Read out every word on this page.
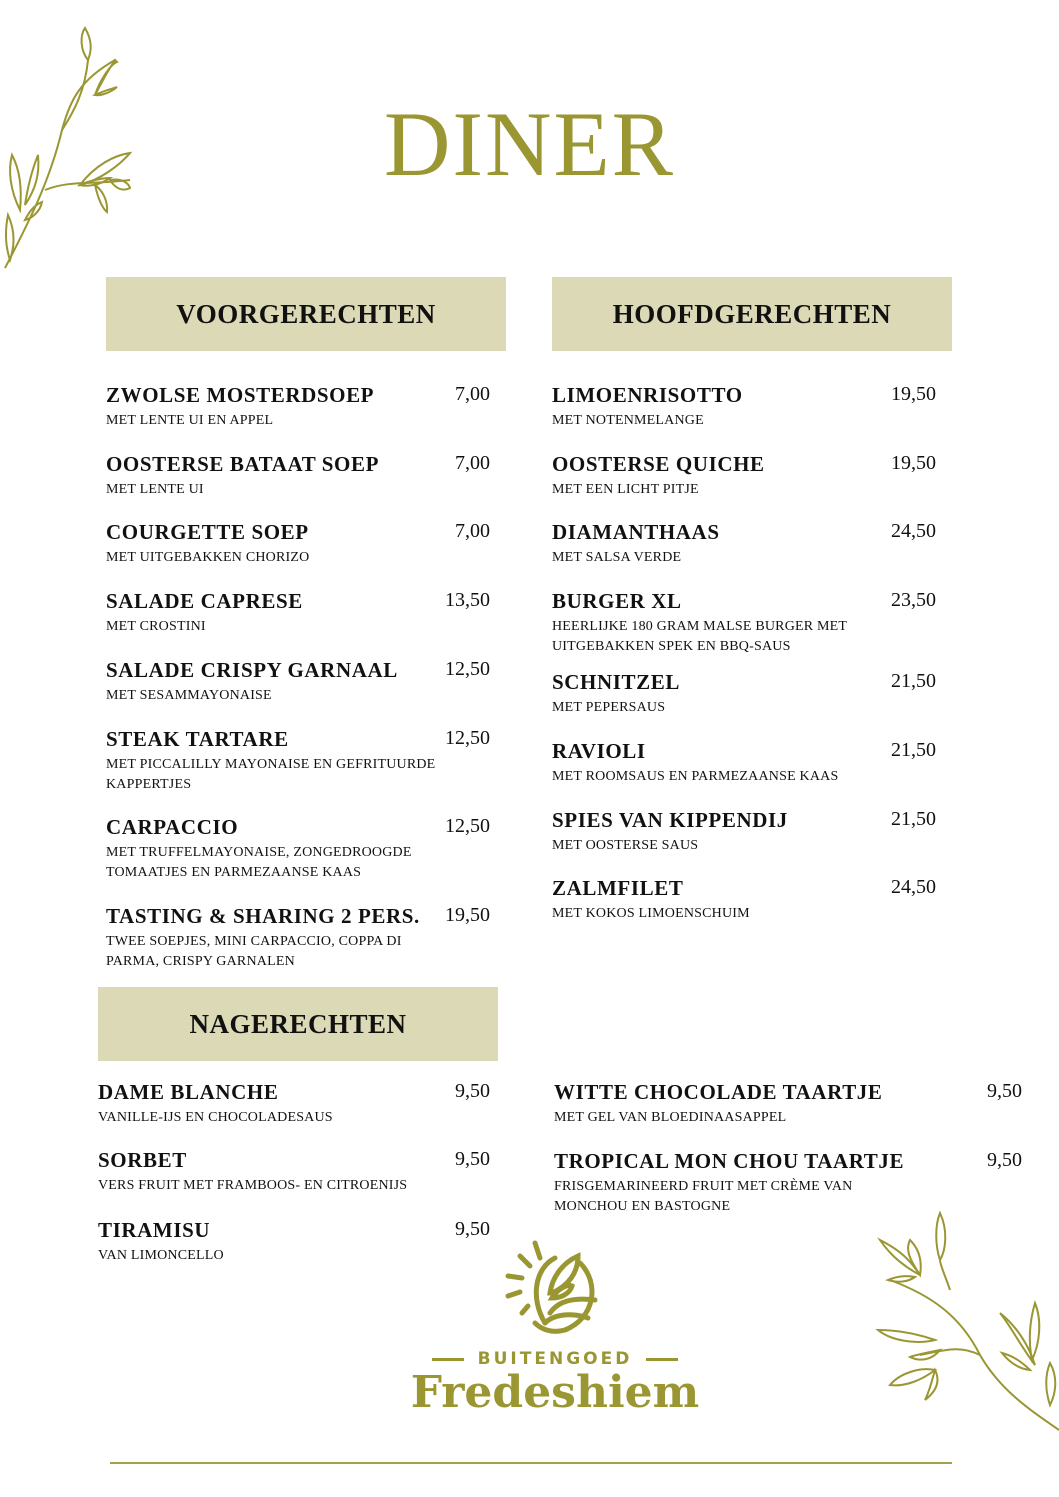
DINER
VOORGERECHTEN
ZWOLSE MOSTERDSOEP	7,00
MET LENTE UI EN APPEL
OOSTERSE BATAAT SOEP	7,00
MET LENTE UI
COURGETTE SOEP	7,00
MET UITGEBAKKEN CHORIZO
SALADE CAPRESE	13,50
MET CROSTINI
SALADE CRISPY GARNAAL	12,50
MET SESAMMAYONAISE
STEAK TARTARE	12,50
MET PICCALILLY MAYONAISE EN GEFRITUURDE KAPPERTJES
CARPACCIO	12,50
MET TRUFFELMAYONAISE, ZONGEDROOGDE TOMAATJES EN PARMEZAANSE KAAS
TASTING & SHARING 2 PERS.	19,50
TWEE SOEPJES, MINI CARPACCIO, COPPA DI PARMA, CRISPY GARNALEN
HOOFDGERECHTEN
LIMOENRISOTTO	19,50
MET NOTENMELANGE
OOSTERSE QUICHE	19,50
MET EEN LICHT PITJE
DIAMANTHAAS	24,50
MET SALSA VERDE
BURGER XL	23,50
HEERLIJKE 180 GRAM MALSE BURGER MET UITGEBAKKEN SPEK EN BBQ-SAUS
SCHNITZEL	21,50
MET PEPERSAUS
RAVIOLI	21,50
MET ROOMSAUS EN PARMEZAANSE KAAS
SPIES VAN KIPPENDIJ	21,50
MET OOSTERSE SAUS
ZALMFILET	24,50
MET KOKOS LIMOENSCHUIM
NAGERECHTEN
DAME BLANCHE	9,50
VANILLE-IJS EN CHOCOLADESAUS
SORBET	9,50
VERS FRUIT MET FRAMBOOS- EN CITROENIJS
TIRAMISU	9,50
VAN LIMONCELLO
WITTE CHOCOLADE TAARTJE	9,50
MET GEL VAN BLOEDINAASAPPEL
TROPICAL MON CHOU TAARTJE	9,50
FRISGEMARINEERD FRUIT MET CRÈME VAN MONCHOU EN BASTOGNE
BUITENGOED
Fredeshiem
